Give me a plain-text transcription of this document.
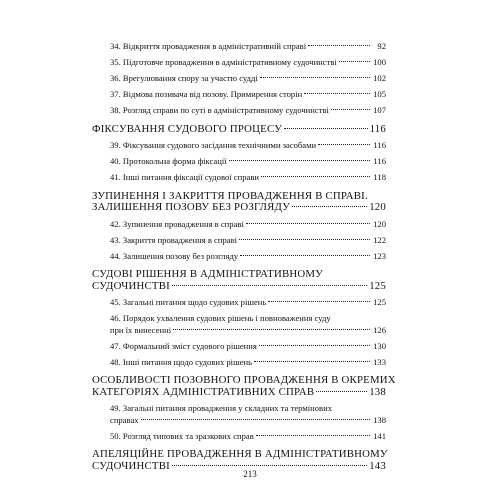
34. Відкриття провадження в адміністративній справі	92
35. Підготовче провадження в адміністративному судочинстві	100
36. Врегулювання спору за участю судді	102
37. Відмова позивача від позову. Примирення сторін	105
38. Розгляд справи по суті в адміністративному судочинстві	107
ФІКСУВАННЯ СУДОВОГО ПРОЦЕСУ	116
39. Фіксування судового засідання технічними засобами	116
40. Протокольна форма фіксації	116
41. Інші питання фіксації судової справи	118
ЗУПИНЕННЯ І ЗАКРИТТЯ ПРОВАДЖЕННЯ В СПРАВІ.
ЗАЛИШЕННЯ ПОЗОВУ БЕЗ РОЗГЛЯДУ	120
42. Зупинення провадження в справі	120
43. Закриття провадження в справі	122
44. Залишення позову без розгляду	123
СУДОВІ РІШЕННЯ В АДМІНІСТРАТИВНОМУ
СУДОЧИНСТВІ	125
45. Загальні питання щодо судових рішень	125
46. Порядок ухвалення судових рішень і повноваження суду
при їх винесенні	126
47. Формальний зміст судового рішення	130
48. Інші питання щодо судових рішень	133
ОСОБЛИВОСТІ ПОЗОВНОГО ПРОВАДЖЕННЯ В ОКРЕМИХ
КАТЕГОРІЯХ АДМІНІСТРАТИВНИХ СПРАВ	138
49. Загальні питання провадження у складних та термінових
справах	138
50. Розгляд типових та зразкових справ	141
АПЕЛЯЦІЙНЕ ПРОВАДЖЕННЯ В АДМІНІСТРАТИВНОМУ
СУДОЧИНСТВІ	143
213
